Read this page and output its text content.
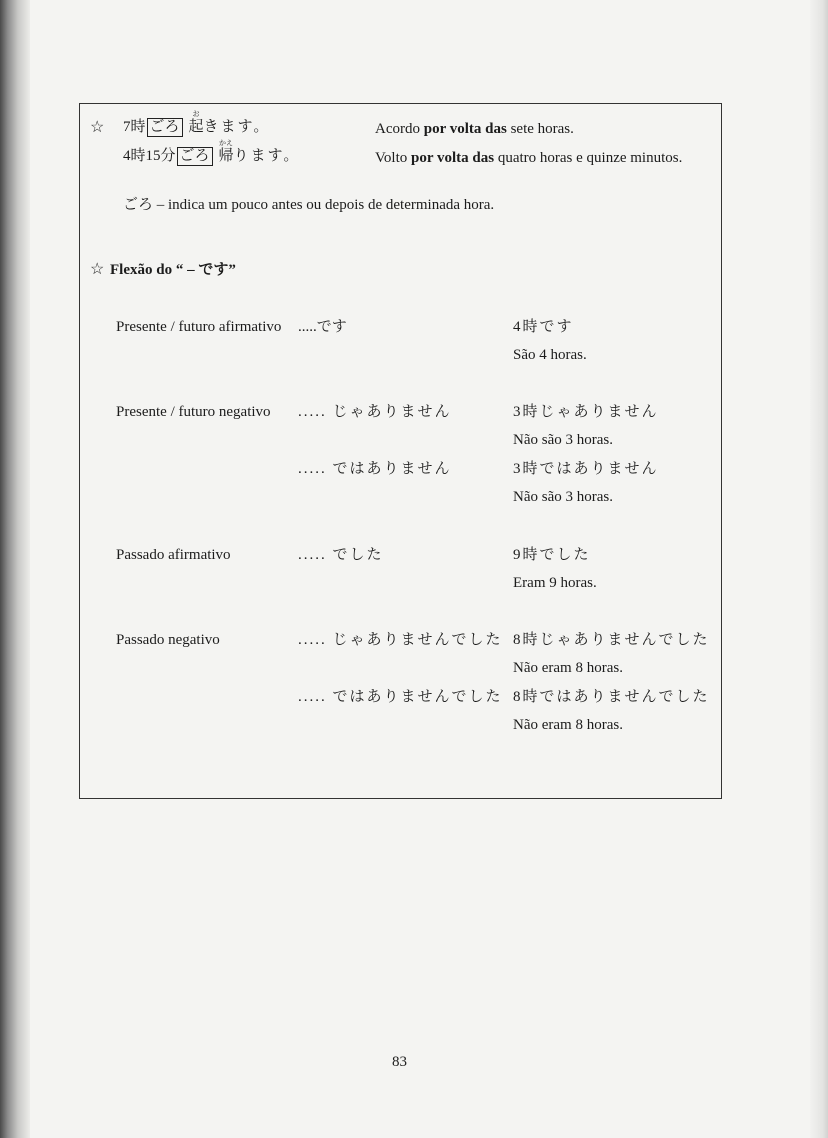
☆ 7時 ごろ
お
起きます。	Acordo por volta das sete horas.
4時15分 ごろ
かえ
帰ります。	Volto por volta das quatro horas e quinze minutos.
ごろ – indica um pouco antes ou depois de determinada hora.
☆ Flexão do “ – です”
Presente / futuro afirmativo .....です	4時です
São 4 horas.
Presente / futuro negativo ..... じゃありません	3時じゃありません
Não são 3 horas.
..... ではありません	3時ではありません
Não são 3 horas.
Passado afirmativo	..... でした	9時でした
Eram 9 horas.
Passado negativo	..... じゃありませんでした 8時じゃありませんでした
Não eram 8 horas.
..... ではありませんでした 8時ではありませんでした
Não eram 8 horas.
83
